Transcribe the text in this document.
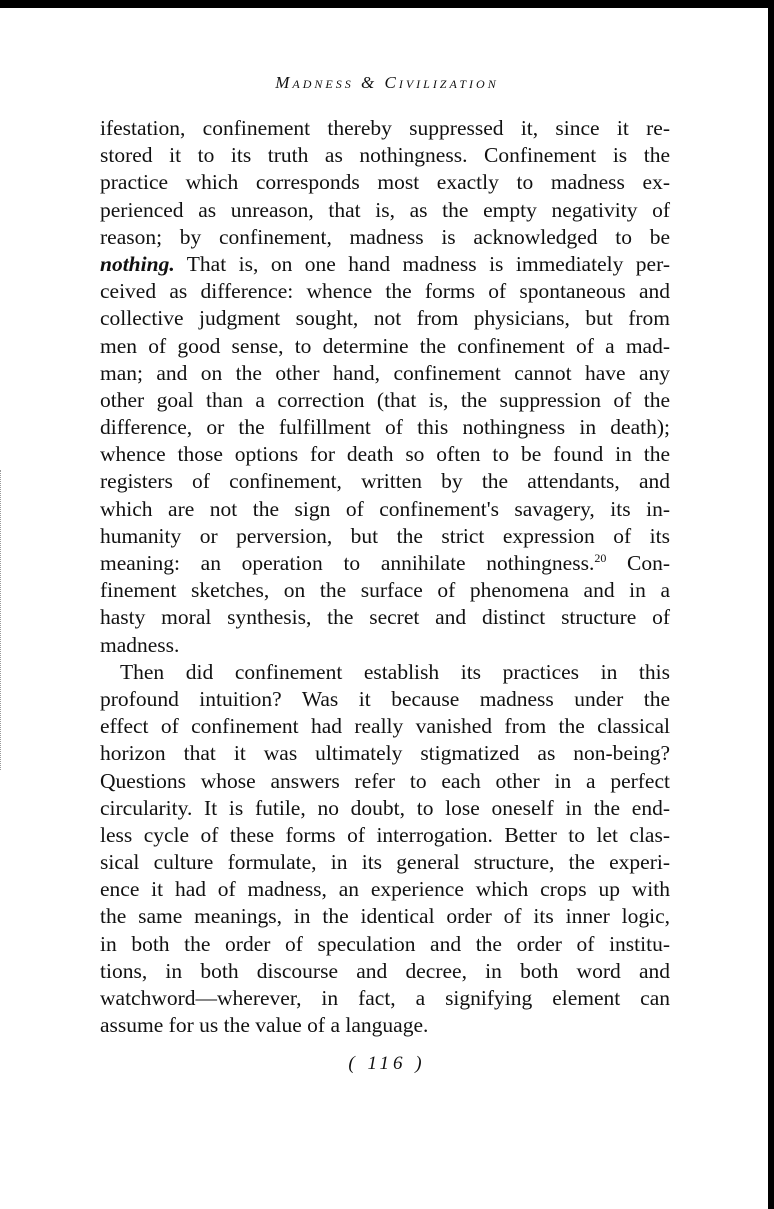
Madness & Civilization
ifestation, confinement thereby suppressed it, since it re-
stored it to its truth as nothingness. Confinement is the
practice which corresponds most exactly to madness ex-
perienced as unreason, that is, as the empty negativity of
reason; by confinement, madness is acknowledged to be
nothing. That is, on one hand madness is immediately per-
ceived as difference: whence the forms of spontaneous and
collective judgment sought, not from physicians, but from
men of good sense, to determine the confinement of a mad-
man; and on the other hand, confinement cannot have any
other goal than a correction (that is, the suppression of the
difference, or the fulfillment of this nothingness in death);
whence those options for death so often to be found in the
registers of confinement, written by the attendants, and
which are not the sign of confinement's savagery, its in-
humanity or perversion, but the strict expression of its
meaning: an operation to annihilate nothingness.$^{20}$ Con-
finement sketches, on the surface of phenomena and in a
hasty moral synthesis, the secret and distinct structure of
madness.
Then did confinement establish its practices in this
profound intuition? Was it because madness under the
effect of confinement had really vanished from the classical
horizon that it was ultimately stigmatized as non-being?
Questions whose answers refer to each other in a perfect
circularity. It is futile, no doubt, to lose oneself in the end-
less cycle of these forms of interrogation. Better to let clas-
sical culture formulate, in its general structure, the experi-
ence it had of madness, an experience which crops up with
the same meanings, in the identical order of its inner logic,
in both the order of speculation and the order of institu-
tions, in both discourse and decree, in both word and
watchword—wherever, in fact, a signifying element can
assume for us the value of a language.
( 116 )
